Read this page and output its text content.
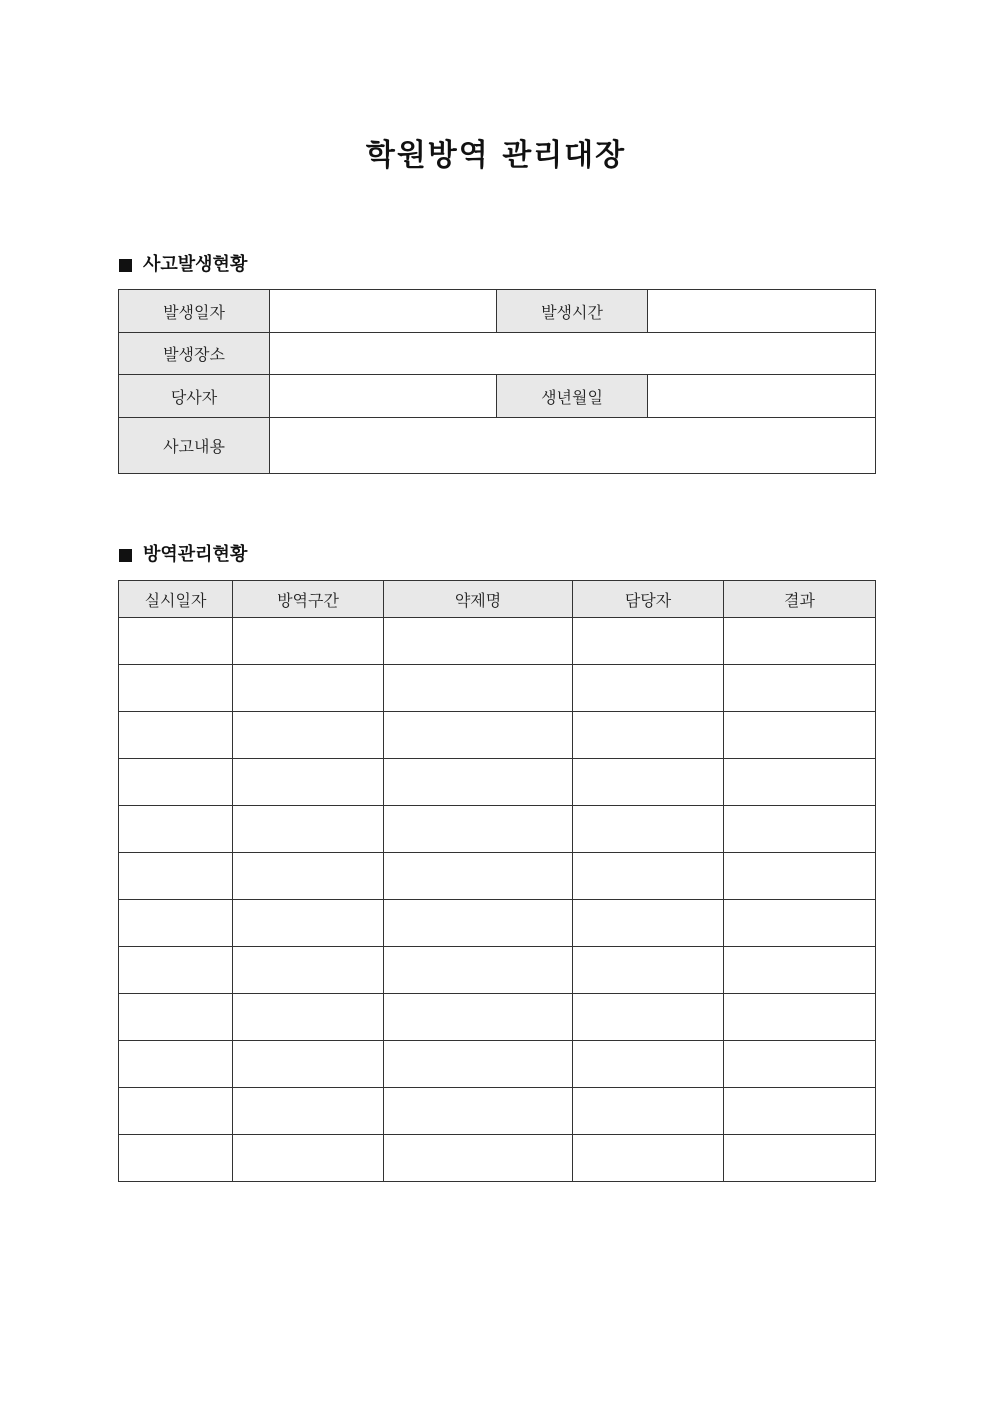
학원방역 관리대장
사고발생현황
발생일자		발생시간	
발생장소			
당사자		생년월일	
사고내용			
방역관리현황
실시일자	방역구간	약제명	담당자	결과
